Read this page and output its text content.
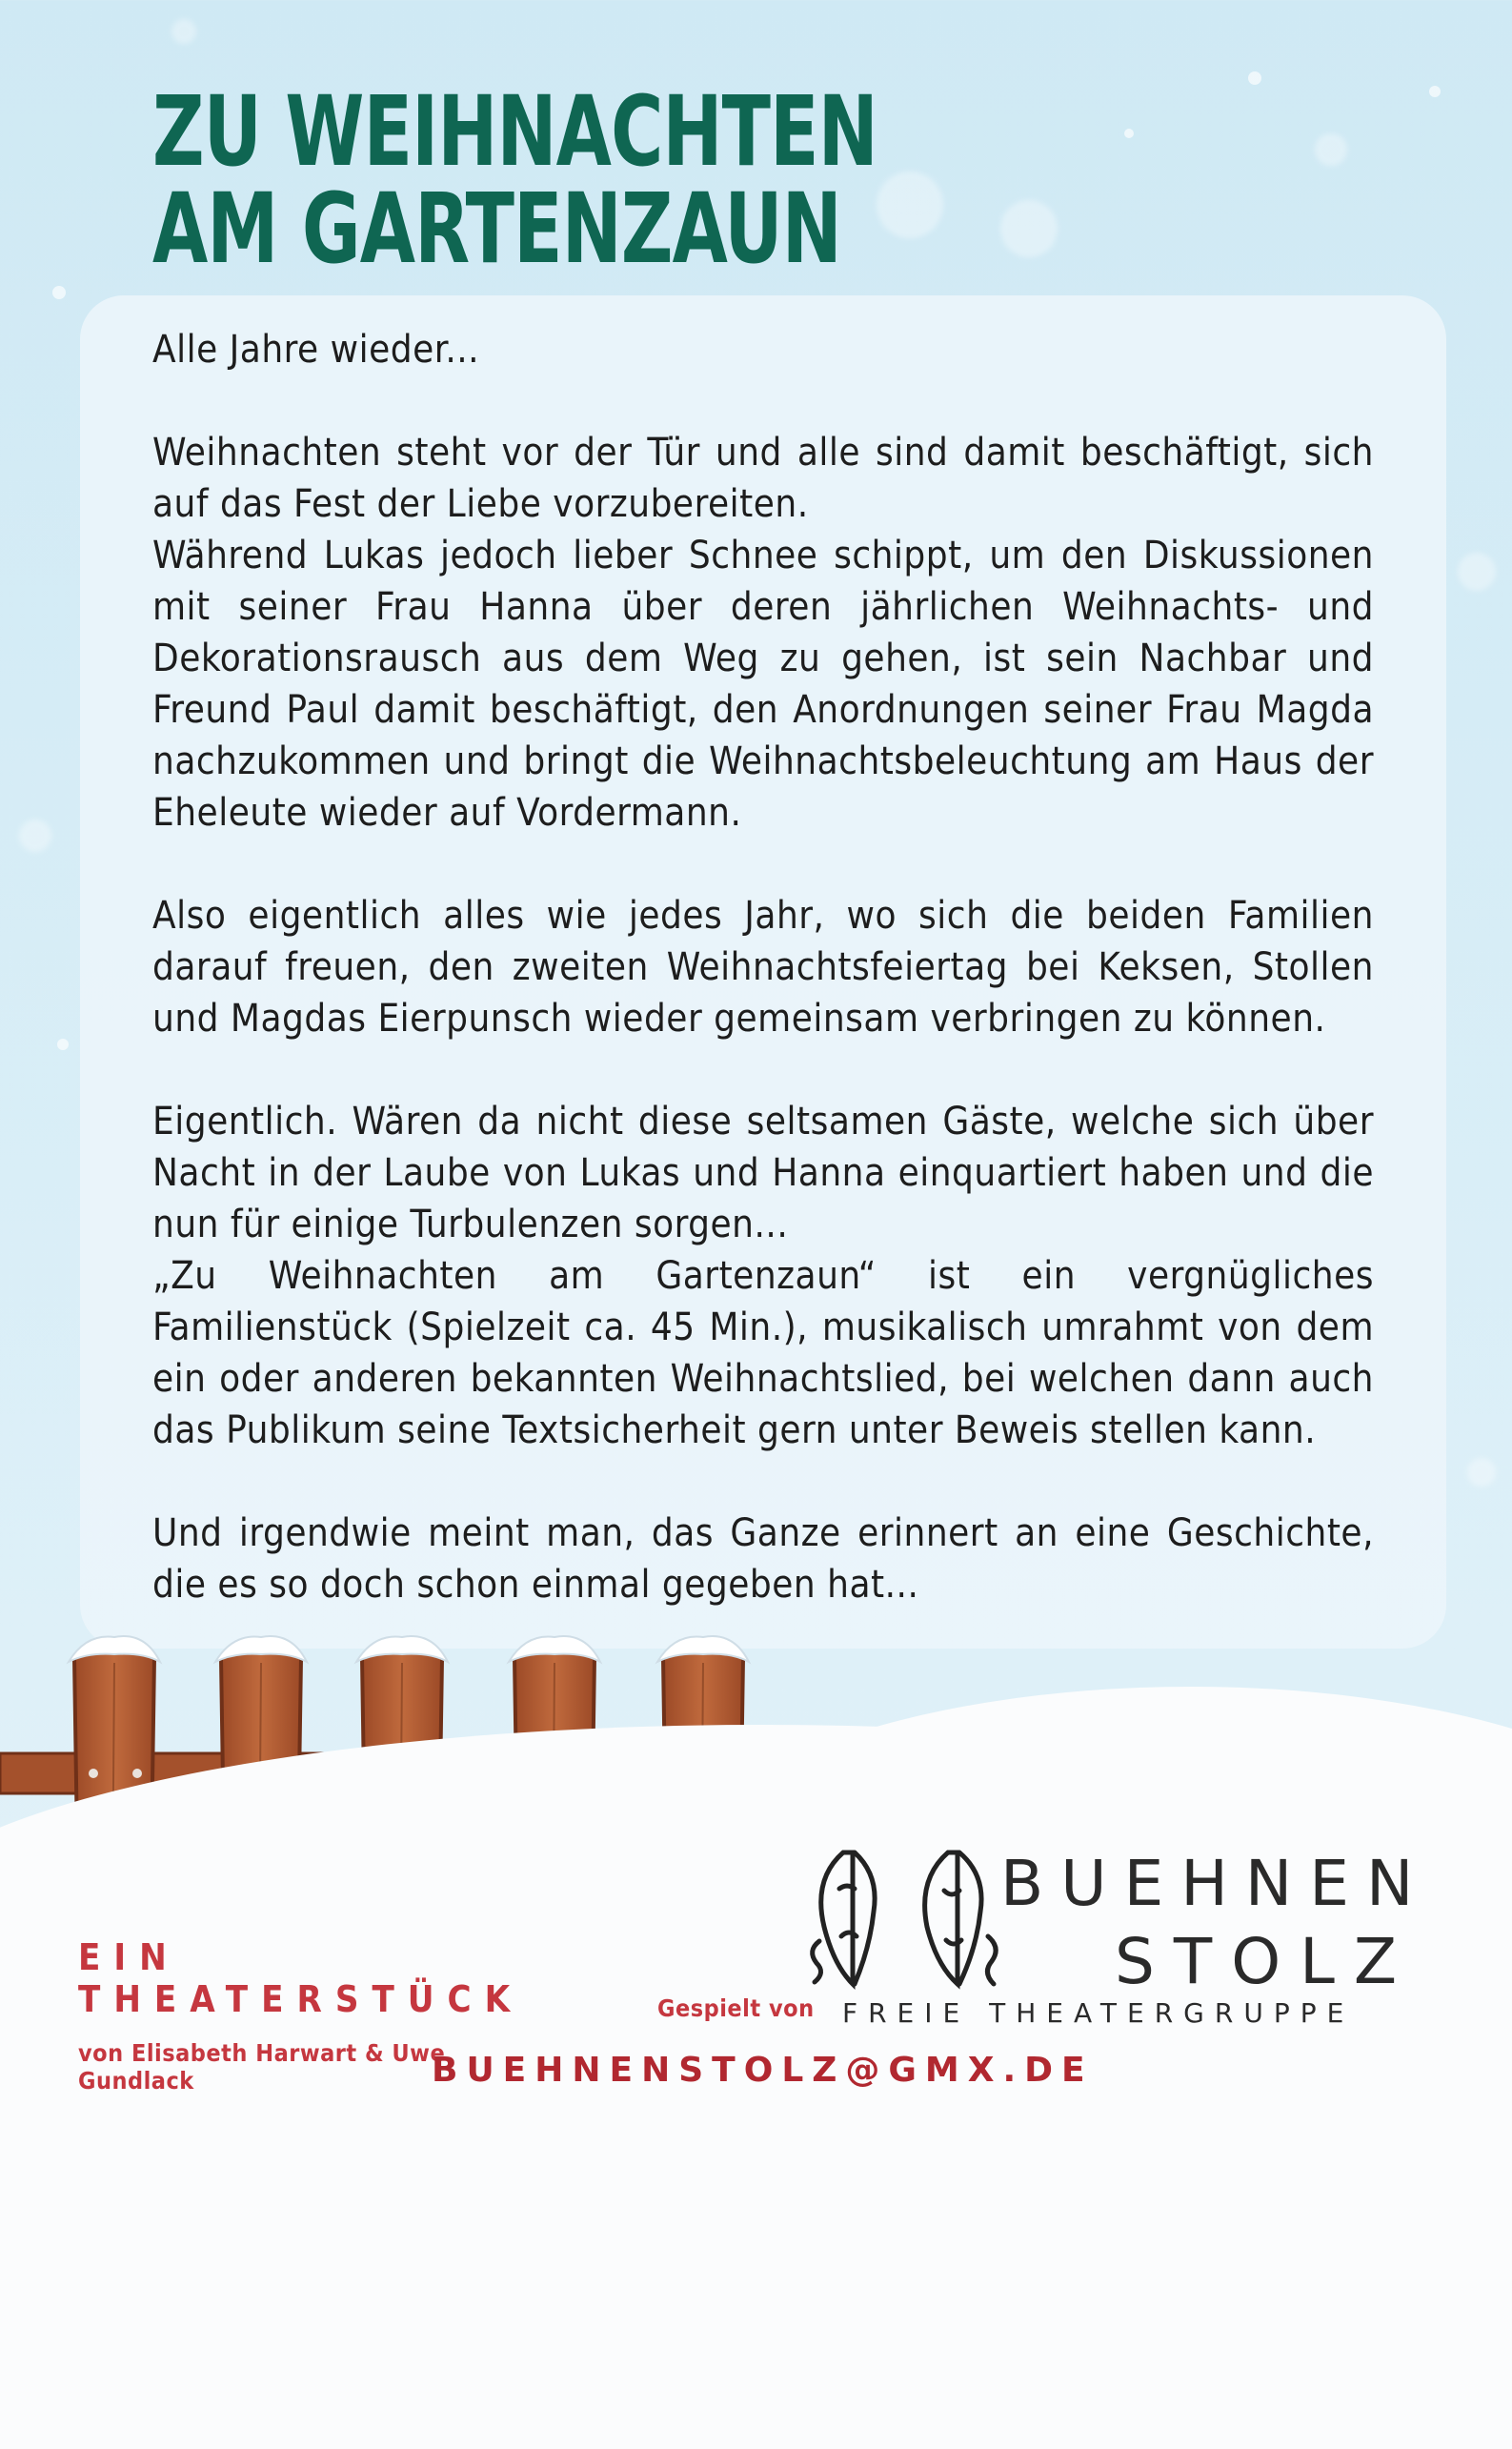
ZU WEIHNACHTEN
AM GARTENZAUN

Alle Jahre wieder...

Weihnachten steht vor der Tür und alle sind damit beschäftigt, sich auf das Fest der Liebe vorzubereiten.

Während Lukas jedoch lieber Schnee schippt, um den Diskussionen mit seiner Frau Hanna über deren jährlichen Weihnachts- und Dekorationsrausch aus dem Weg zu gehen, ist sein Nachbar und Freund Paul damit beschäftigt, den Anordnungen seiner Frau Magda nachzukommen und bringt die Weihnachtsbeleuchtung am Haus der Eheleute wieder auf Vordermann.

Also eigentlich alles wie jedes Jahr, wo sich die beiden Familien darauf freuen, den zweiten Weihnachtsfeiertag bei Keksen, Stollen und Magdas Eierpunsch wieder gemeinsam verbringen zu können.

Eigentlich. Wären da nicht diese seltsamen Gäste, welche sich über Nacht in der Laube von Lukas und Hanna einquartiert haben und die nun für einige Turbulenzen sorgen...

„Zu Weihnachten am Gartenzaun“ ist ein vergnügliches Familienstück (Spielzeit ca. 45 Min.), musikalisch umrahmt von dem ein oder anderen bekannten Weihnachtslied, bei welchen dann auch das Publikum seine Textsicherheit gern unter Beweis stellen kann.

Und irgendwie meint man, das Ganze erinnert an eine Geschichte, die es so doch schon einmal gegeben hat...

EIN THEATERSTÜCK
von Elisabeth Harwart & Uwe Gundlack
Gespielt von
BUEHNEN
STOLZ
FREIE THEATERGRUPPE
BUEHNENSTOLZ@GMX.DE
